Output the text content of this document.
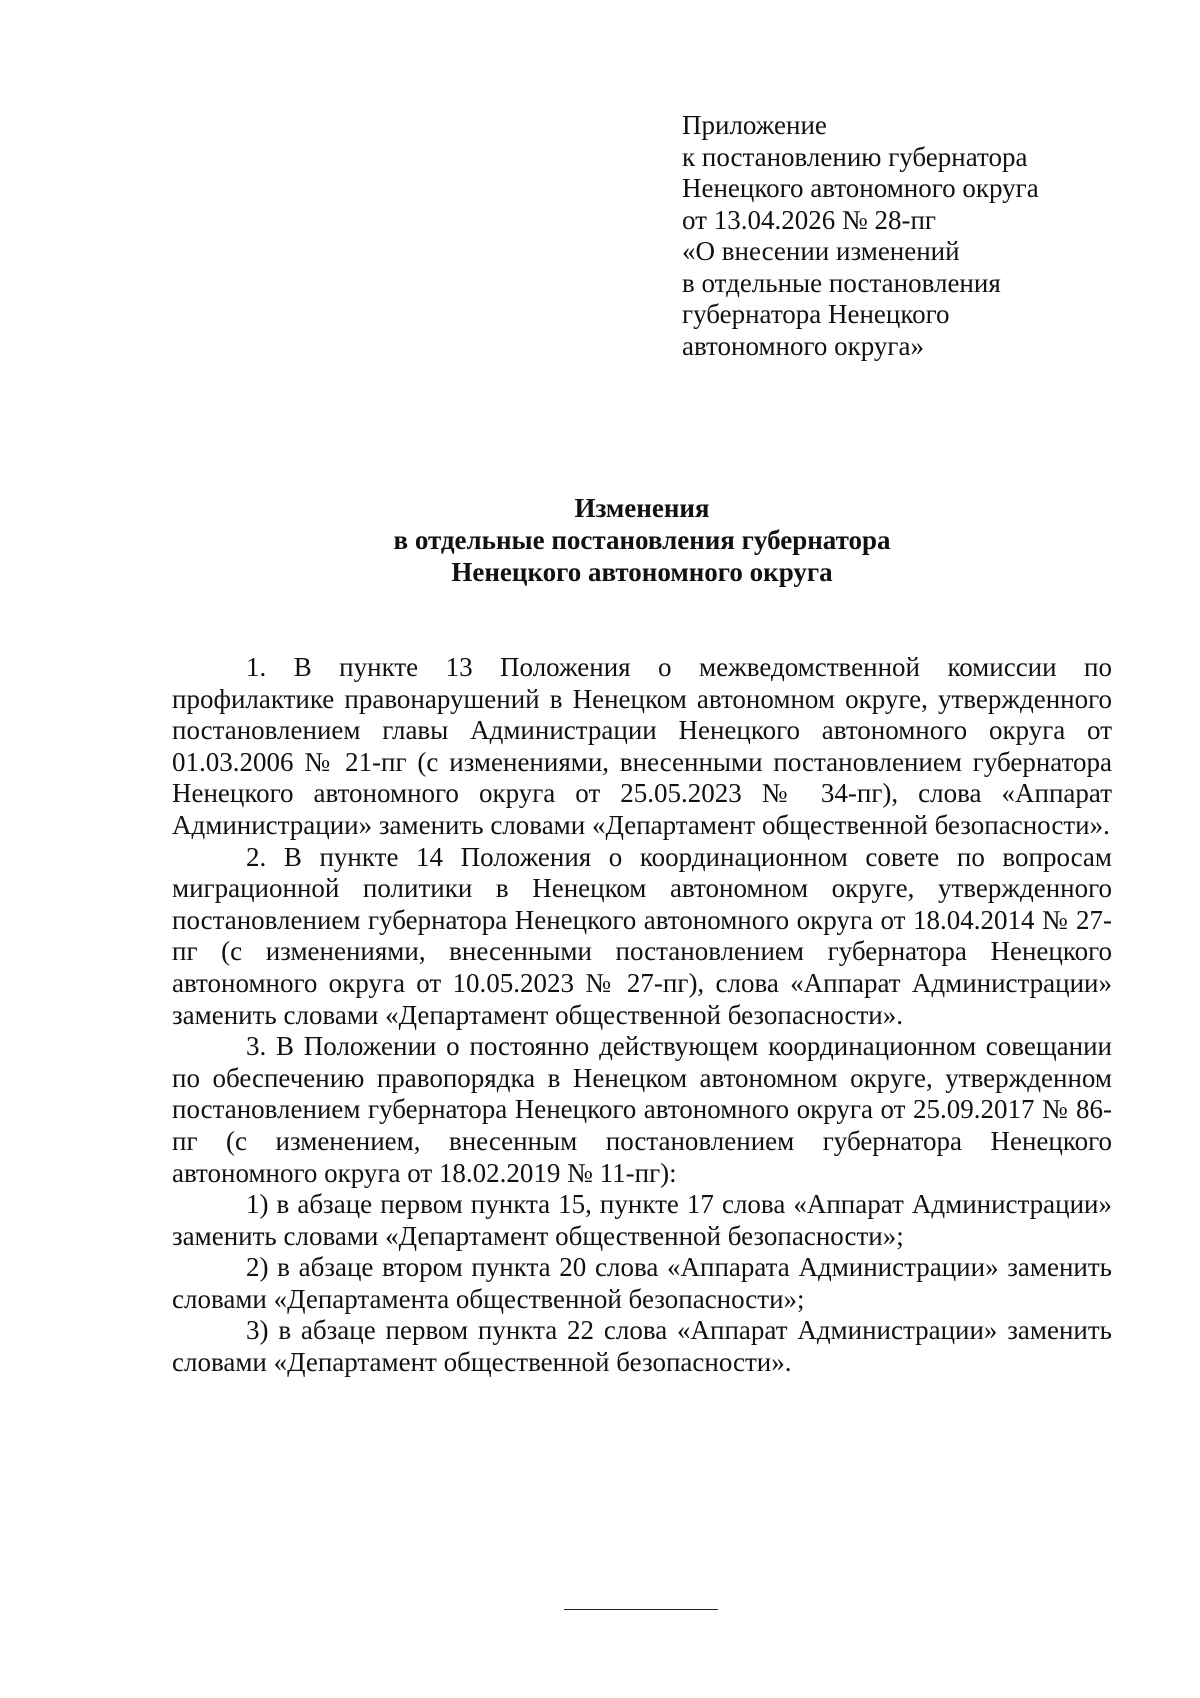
Приложение
к постановлению губернатора
Ненецкого автономного округа
от 13.04.2026 № 28-пг
«О внесении изменений
в отдельные постановления
губернатора Ненецкого
автономного округа»
Изменения
в отдельные постановления губернатора
Ненецкого автономного округа

1. В пункте 13 Положения о межведомственной комиссии по профилактике правонарушений в Ненецком автономном округе, утвержденного постановлением главы Администрации Ненецкого автономного округа от 01.03.2006 № 21-пг (с изменениями, внесенными постановлением губернатора Ненецкого автономного округа от 25.05.2023 № 34-пг), слова «Аппарат Администрации» заменить словами «Департамент общественной безопасности».

2. В пункте 14 Положения о координационном совете по вопросам миграционной политики в Ненецком автономном округе, утвержденного постановлением губернатора Ненецкого автономного округа от 18.04.2014 № 27-пг (с изменениями, внесенными постановлением губернатора Ненецкого автономного округа от 10.05.2023 № 27-пг), слова «Аппарат Администрации» заменить словами «Департамент общественной безопасности».

3. В Положении о постоянно действующем координационном совещании по обеспечению правопорядка в Ненецком автономном округе, утвержденном постановлением губернатора Ненецкого автономного округа от 25.09.2017 № 86-пг (с изменением, внесенным постановлением губернатора Ненецкого автономного округа от 18.02.2019 № 11-пг):

1) в абзаце первом пункта 15, пункте 17 слова «Аппарат Администрации» заменить словами «Департамент общественной безопасности»;

2) в абзаце втором пункта 20 слова «Аппарата Администрации» заменить словами «Департамента общественной безопасности»;

3) в абзаце первом пункта 22 слова «Аппарат Администрации» заменить словами «Департамент общественной безопасности».
